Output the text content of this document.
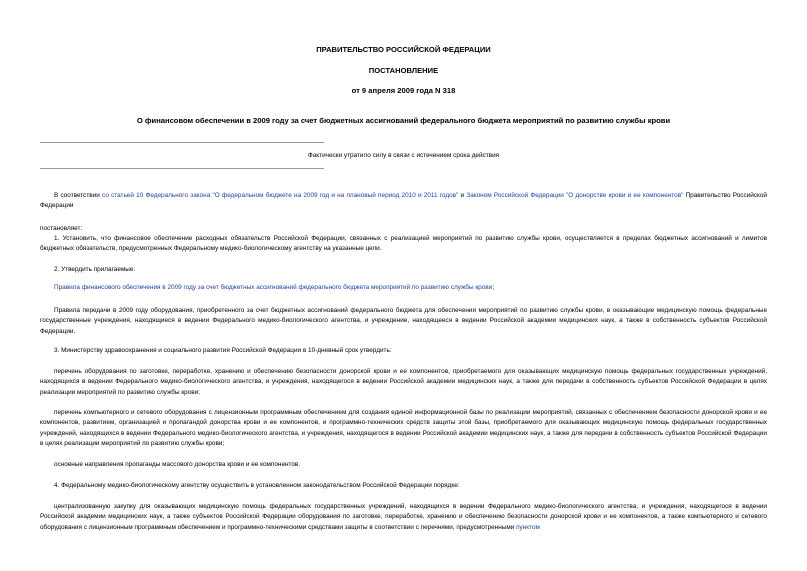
ПРАВИТЕЛЬСТВО РОССИЙСКОЙ ФЕДЕРАЦИИ
ПОСТАНОВЛЕНИЕ
от 9 апреля 2009 года N 318
О финансовом обеспечении в 2009 году за счет бюджетных ассигнований федерального бюджета мероприятий по развитию службы крови
Фактически утратило силу в связи с истечением срока действия
В соответствии со статьей 10 Федерального закона "О федеральном бюджете на 2009 год и на плановый период 2010 и 2011 годов" и Законом Российской Федерации "О донорстве крови и ее компонентов" Правительство Российской Федерации
постановляет:
1. Установить, что финансовое обеспечение расходных обязательств Российской Федерации, связанных с реализацией мероприятий по развитию службы крови, осуществляется в пределах бюджетных ассигнований и лимитов бюджетных обязательств, предусмотренных Федеральному медико-биологическому агентству на указанные цели.
2. Утвердить прилагаемые:
Правила финансового обеспечения в 2009 году за счет бюджетных ассигнований федерального бюджета мероприятий по развитию службы крови;
Правила передачи в 2009 году оборудования, приобретенного за счет бюджетных ассигнований федерального бюджета для обеспечения мероприятий по развитию службы крови, в оказывающие медицинскую помощь федеральные государственные учреждения, находящиеся в ведении Федерального медико-биологического агентства, и учреждение, находящееся в ведении Российской академии медицинских наук, а также в собственность субъектов Российской Федерации.
3. Министерству здравоохранения и социального развития Российской Федерации в 10-дневный срок утвердить:
перечень оборудования по заготовке, переработке, хранению и обеспечению безопасности донорской крови и ее компонентов, приобретаемого для оказывающих медицинскую помощь федеральных государственных учреждений, находящихся в ведении Федерального медико-биологического агентства, и учреждения, находящегося в ведении Российской академии медицинских наук, а также для передачи в собственность субъектов Российской Федерации в целях реализации мероприятий по развитию службы крови;
перечень компьютерного и сетевого оборудования с лицензионным программным обеспечением для создания единой информационной базы по реализации мероприятий, связанных с обеспечением безопасности донорской крови и ее компонентов, развитием, организацией и пропагандой донорства крови и ее компонентов, и программно-технических средств защиты этой базы, приобретаемого для оказывающих медицинскую помощь федеральных государственных учреждений, находящихся в ведении Федерального медико-биологического агентства, и учреждения, находящегося в ведении Российской академии медицинских наук, а также для передачи в собственность субъектов Российской Федерации в целях реализации мероприятий по развитию службы крови;
основные направления пропаганды массового донорства крови и ее компонентов.
4. Федеральному медико-биологическому агентству осуществить в установленном законодательством Российской Федерации порядке:
централизованную закупку для оказывающих медицинскую помощь федеральных государственных учреждений, находящихся в ведении Федерального медико-биологического агентства, и учреждения, находящегося в ведении Российской академии медицинских наук, а также субъектов Российской Федерации оборудования по заготовке, переработке, хранению и обеспечению безопасности донорской крови и ее компонентов, а также компьютерного и сетевого оборудования с лицензионным программным обеспечением и программно-техническими средствами защиты в соответствии с перечнями, предусмотренными пунктом
